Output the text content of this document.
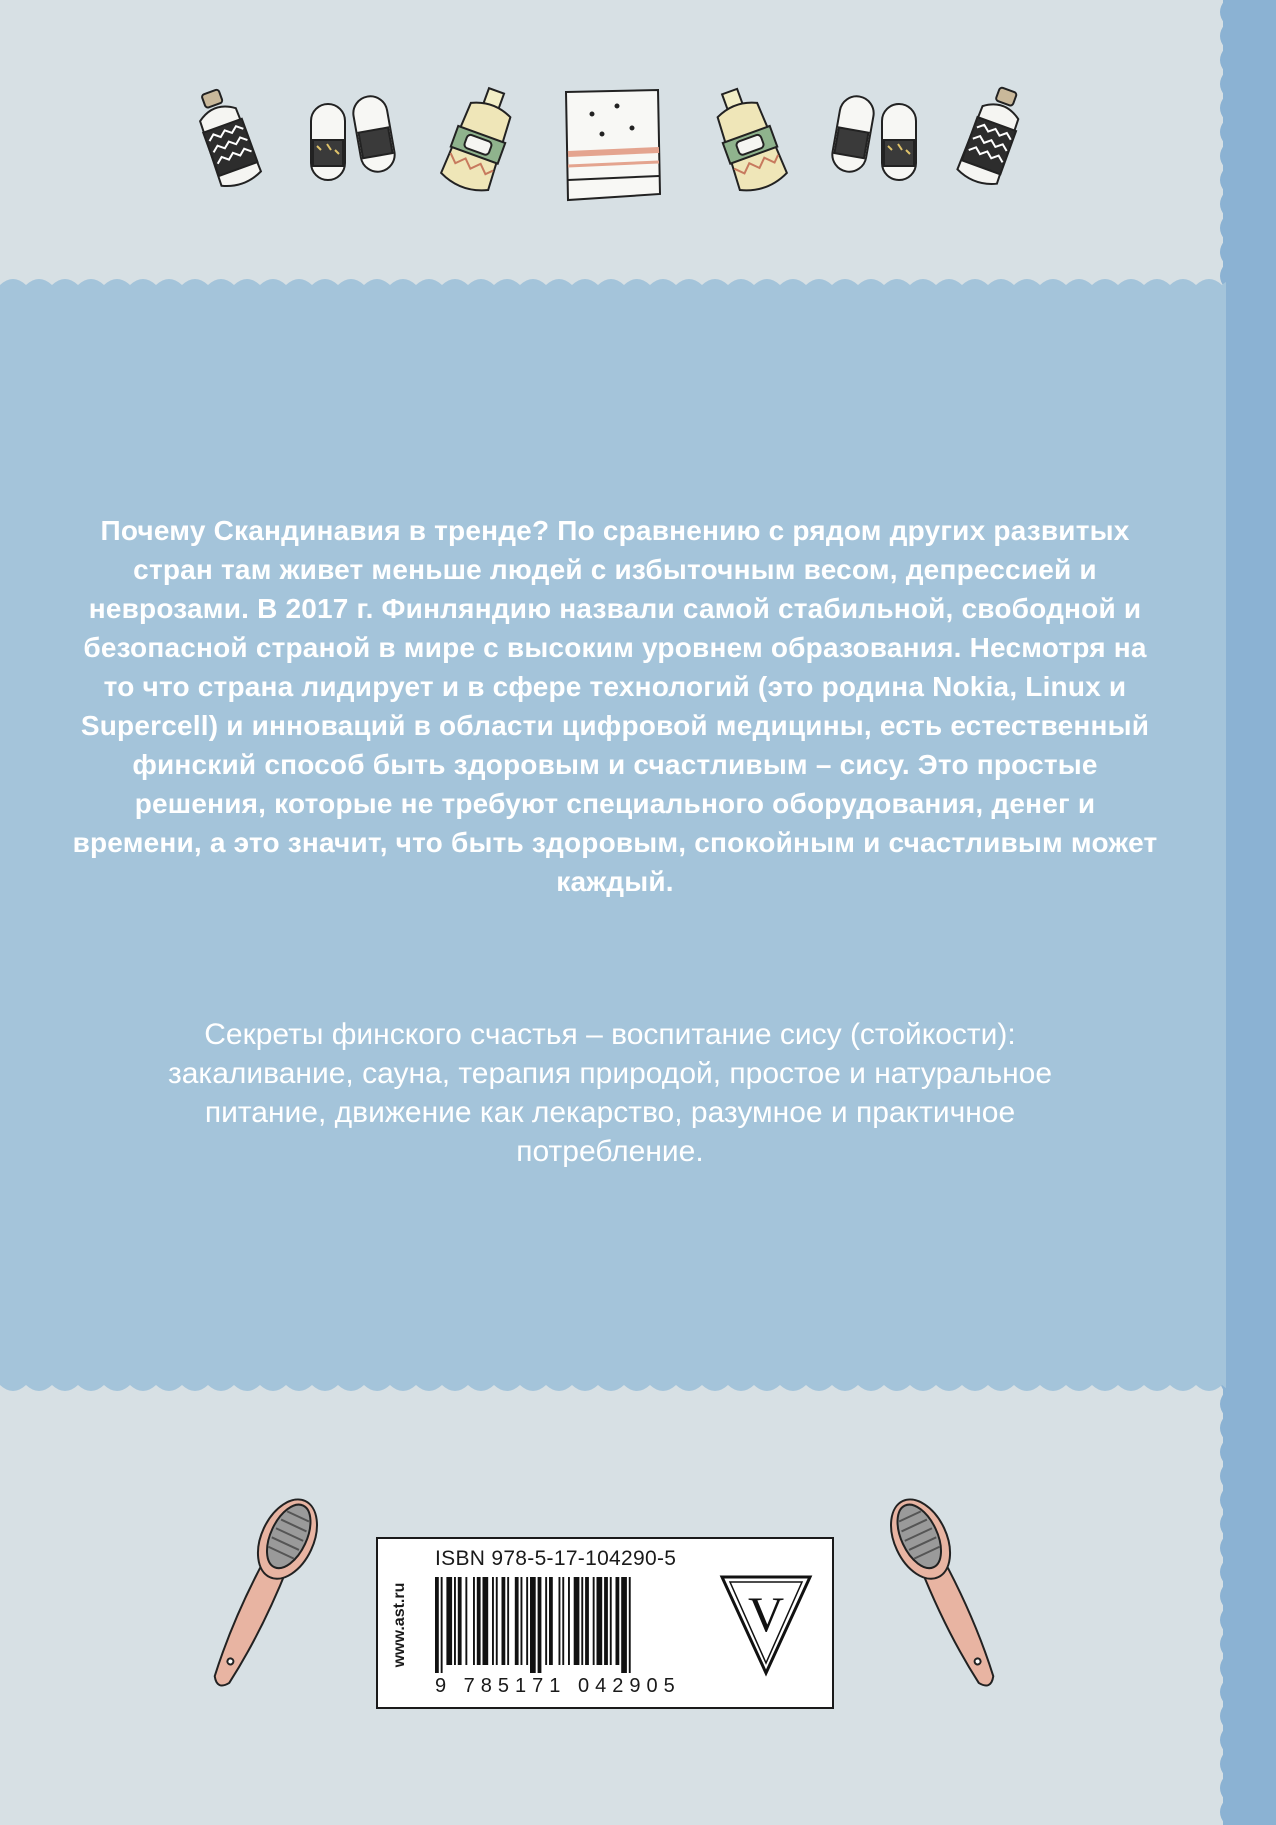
Почему Скандинавия в тренде? По сравнению с рядом других развитых стран там живет меньше людей с избыточным весом, депрессией и неврозами. В 2017 г. Финляндию назвали самой стабильной, свободной и безопасной страной в мире с высоким уровнем образования. Несмотря на то что страна лидирует и в сфере технологий (это родина Nokia, Linux и Supercell) и инноваций в области цифровой медицины, есть естественный финский способ быть здоровым и счастливым – сису. Это простые решения, которые не требуют специального оборудования, денег и времени, а это значит, что быть здоровым, спокойным и счастливым может каждый.
Секреты финского счастья – воспитание сису (стойкости): закаливание, сауна, терапия природой, простое и натуральное питание, движение как лекарство, разумное и практичное потребление.
www.ast.ru
ISBN 978-5-17-104290-5
9 785171 042905
V
